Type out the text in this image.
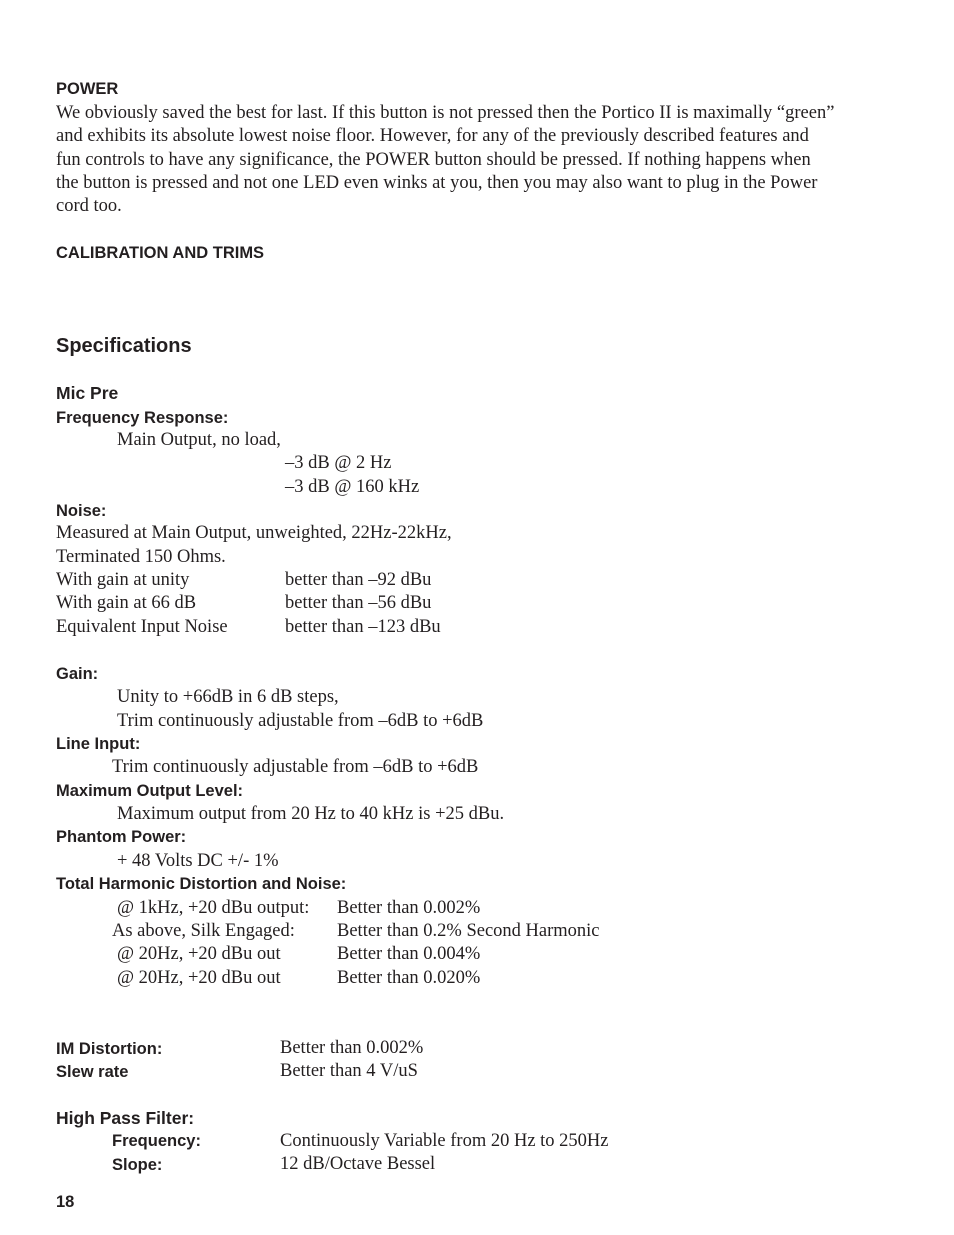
POWER

We obviously saved the best for last. If this button is not pressed then the Portico II is maximally “green”

and exhibits its absolute lowest noise floor. However, for any of the previously described features and

fun controls to have any significance, the POWER button should be pressed. If nothing happens when

the button is pressed and not one LED even winks at you, then you may also want to plug in the Power

cord too.

CALIBRATION AND TRIMS
Specifications
Mic Pre
Frequency Response:
Main Output, no load,
–3 dB @ 2 Hz
–3 dB @ 160 kHz
Noise:
Measured at Main Output, unweighted, 22Hz-22kHz,
Terminated 150 Ohms.
With gain at unity	better than –92 dBu
With gain at 66 dB	better than –56 dBu
Equivalent Input Noise	better than –123 dBu
Gain:
Unity to +66dB in 6 dB steps,
Trim continuously adjustable from –6dB to +6dB
Line Input:
Trim continuously adjustable from –6dB to +6dB
Maximum Output Level:
Maximum output from 20 Hz to 40 kHz is +25 dBu.
Phantom Power:
+ 48 Volts DC +/- 1%
Total Harmonic Distortion and Noise:
@ 1kHz, +20 dBu output: Better than 0.002%
As above, Silk Engaged: Better than 0.2% Second Harmonic
@ 20Hz, +20 dBu out	Better than 0.004%
@ 20Hz, +20 dBu out	Better than 0.020%
IM Distortion:	Better than 0.002%
Slew rate	Better than 4 V/uS
High Pass Filter:
Frequency:	Continuously Variable from 20 Hz to 250Hz
Slope:	12 dB/Octave Bessel
18
